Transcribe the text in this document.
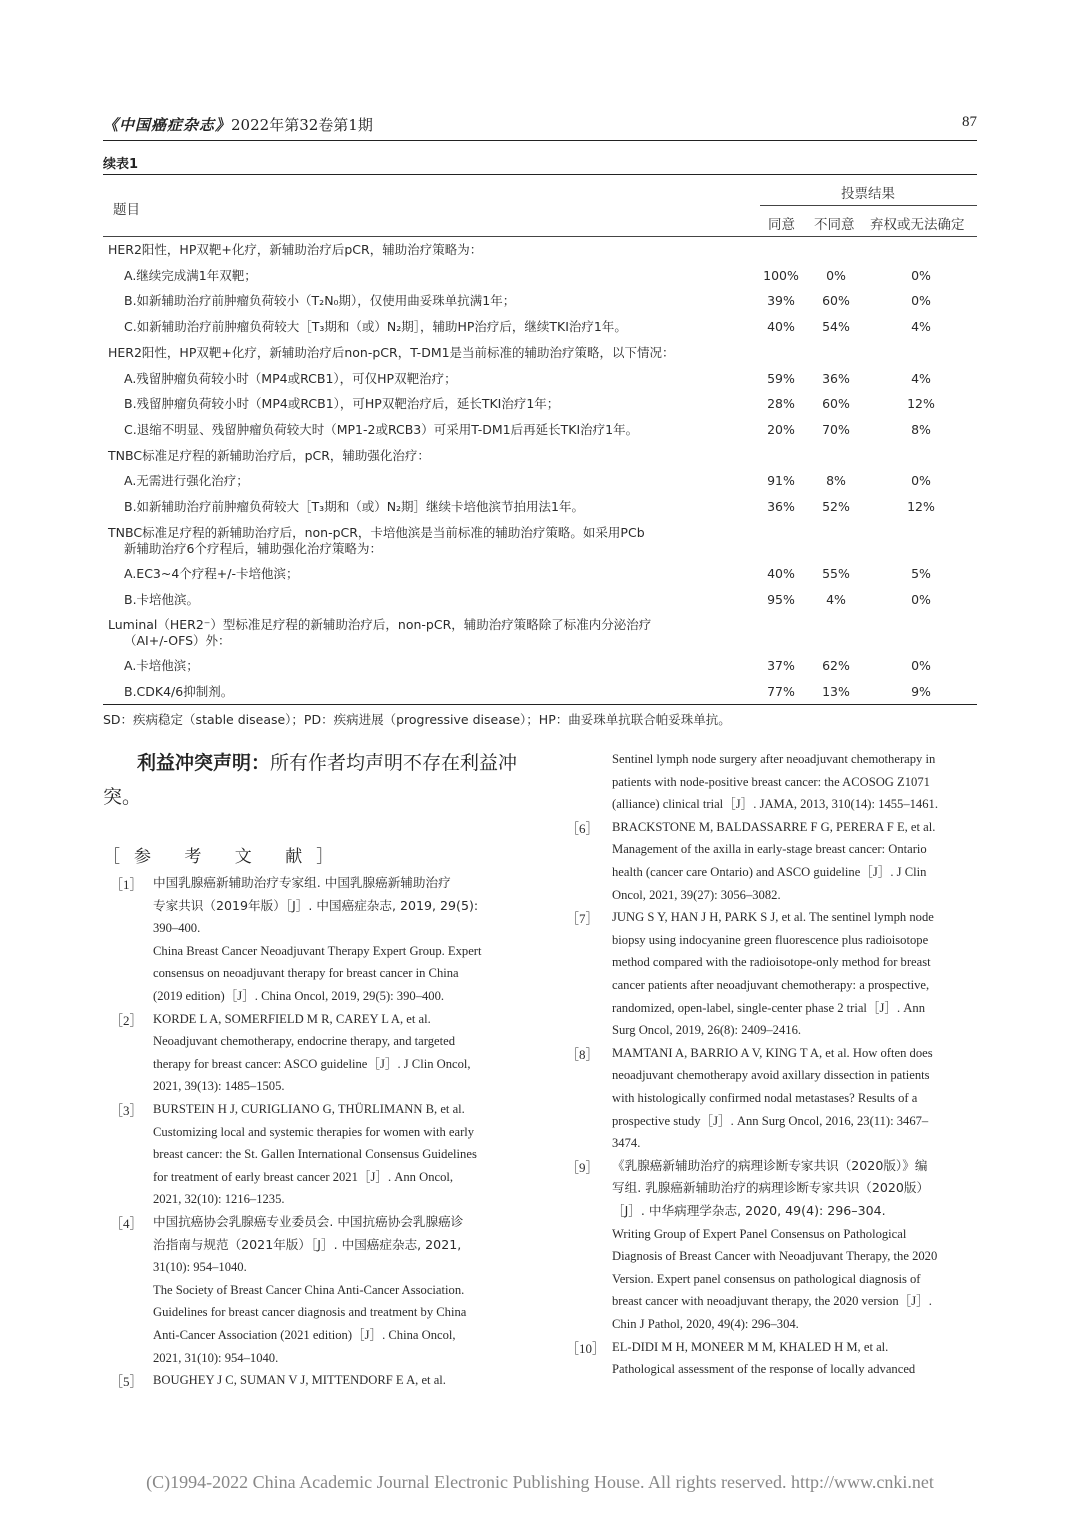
《中国癌症杂志》2022年第32卷第1期	87
续表1
题目
投票结果
同意 不同意 弃权或无法确定
HER2阳性，HP双靶+化疗，新辅助治疗后pCR，辅助治疗策略为：
A.继续完成满1年双靶；	100% 0%	0%
B.如新辅助治疗前肿瘤负荷较小（T₂N₀期），仅使用曲妥珠单抗满1年；	39% 60%	0%
C.如新辅助治疗前肿瘤负荷较大［T₃期和（或）N₂期］，辅助HP治疗后，继续TKI治疗1年。	40% 54%	4%
HER2阳性，HP双靶+化疗，新辅助治疗后non-pCR，T-DM1是当前标准的辅助治疗策略，以下情况：
A.残留肿瘤负荷较小时（MP4或RCB1），可仅HP双靶治疗；	59% 36%	4%
B.残留肿瘤负荷较小时（MP4或RCB1），可HP双靶治疗后，延长TKI治疗1年；	28% 60%	12%
C.退缩不明显、残留肿瘤负荷较大时（MP1-2或RCB3）可采用T-DM1后再延长TKI治疗1年。	20% 70%	8%
TNBC标准足疗程的新辅助治疗后，pCR，辅助强化治疗：
A.无需进行强化治疗；	91% 8%	0%
B.如新辅助治疗前肿瘤负荷较大［T₃期和（或）N₂期］继续卡培他滨节拍用法1年。	36% 52%	12%
TNBC标准足疗程的新辅助治疗后，non-pCR，卡培他滨是当前标准的辅助治疗策略。如采用PCb
新辅助治疗6个疗程后，辅助强化治疗策略为：
A.EC3~4个疗程+/-卡培他滨；	40% 55%	5%
B.卡培他滨。	95% 4%	0%
Luminal（HER2⁻）型标准足疗程的新辅助治疗后，non-pCR，辅助治疗策略除了标准内分泌治疗
（AI+/-OFS）外：
A.卡培他滨；	37% 62%	0%
B.CDK4/6抑制剂。	77% 13%	9%
SD：疾病稳定（stable disease）；PD：疾病进展（progressive disease）；HP：曲妥珠单抗联合帕妥珠单抗。
利益冲突声明：所有作者均声明不存在利益冲突。
［参 考 文 献］
［1］ 中国乳腺癌新辅助治疗专家组. 中国乳腺癌新辅助治疗

专家共识（2019年版）［J］. 中国癌症杂志, 2019, 29(5):

390–400.

China Breast Cancer Neoadjuvant Therapy Expert Group. Expert

consensus on neoadjuvant therapy for breast cancer in China

(2019 edition)［J］. China Oncol, 2019, 29(5): 390–400.

［2］ KORDE L A, SOMERFIELD M R, CAREY L A, et al.

Neoadjuvant chemotherapy, endocrine therapy, and targeted

therapy for breast cancer: ASCO guideline［J］. J Clin Oncol,

2021, 39(13): 1485–1505.

［3］ BURSTEIN H J, CURIGLIANO G, THÜRLIMANN B, et al.

Customizing local and systemic therapies for women with early

breast cancer: the St. Gallen International Consensus Guidelines

for treatment of early breast cancer 2021［J］. Ann Oncol,

2021, 32(10): 1216–1235.

［4］ 中国抗癌协会乳腺癌专业委员会. 中国抗癌协会乳腺癌诊

治指南与规范（2021年版）［J］. 中国癌症杂志, 2021,

31(10): 954–1040.

The Society of Breast Cancer China Anti-Cancer Association.

Guidelines for breast cancer diagnosis and treatment by China

Anti-Cancer Association (2021 edition)［J］. China Oncol,

2021, 31(10): 954–1040.

［5］ BOUGHEY J C, SUMAN V J, MITTENDORF E A, et al.

Sentinel lymph node surgery after neoadjuvant chemotherapy in

patients with node-positive breast cancer: the ACOSOG Z1071

(alliance) clinical trial［J］. JAMA, 2013, 310(14): 1455–1461.

［6］ BRACKSTONE M, BALDASSARRE F G, PERERA F E, et al.

Management of the axilla in early-stage breast cancer: Ontario

health (cancer care Ontario) and ASCO guideline［J］. J Clin

Oncol, 2021, 39(27): 3056–3082.

［7］ JUNG S Y, HAN J H, PARK S J, et al. The sentinel lymph node

biopsy using indocyanine green fluorescence plus radioisotope

method compared with the radioisotope-only method for breast

cancer patients after neoadjuvant chemotherapy: a prospective,

randomized, open-label, single-center phase 2 trial［J］. Ann

Surg Oncol, 2019, 26(8): 2409–2416.

［8］ MAMTANI A, BARRIO A V, KING T A, et al. How often does

neoadjuvant chemotherapy avoid axillary dissection in patients

with histologically confirmed nodal metastases? Results of a

prospective study［J］. Ann Surg Oncol, 2016, 23(11): 3467–

3474.

［9］ 《乳腺癌新辅助治疗的病理诊断专家共识（2020版）》编

写组. 乳腺癌新辅助治疗的病理诊断专家共识（2020版）

［J］. 中华病理学杂志, 2020, 49(4): 296–304.

Writing Group of Expert Panel Consensus on Pathological

Diagnosis of Breast Cancer with Neoadjuvant Therapy, the 2020

Version. Expert panel consensus on pathological diagnosis of

breast cancer with neoadjuvant therapy, the 2020 version［J］.

Chin J Pathol, 2020, 49(4): 296–304.

［10］ EL-DIDI M H, MONEER M M, KHALED H M, et al.

Pathological assessment of the response of locally advanced

(C)1994-2022 China Academic Journal Electronic Publishing House. All rights reserved. http://www.cnki.net
